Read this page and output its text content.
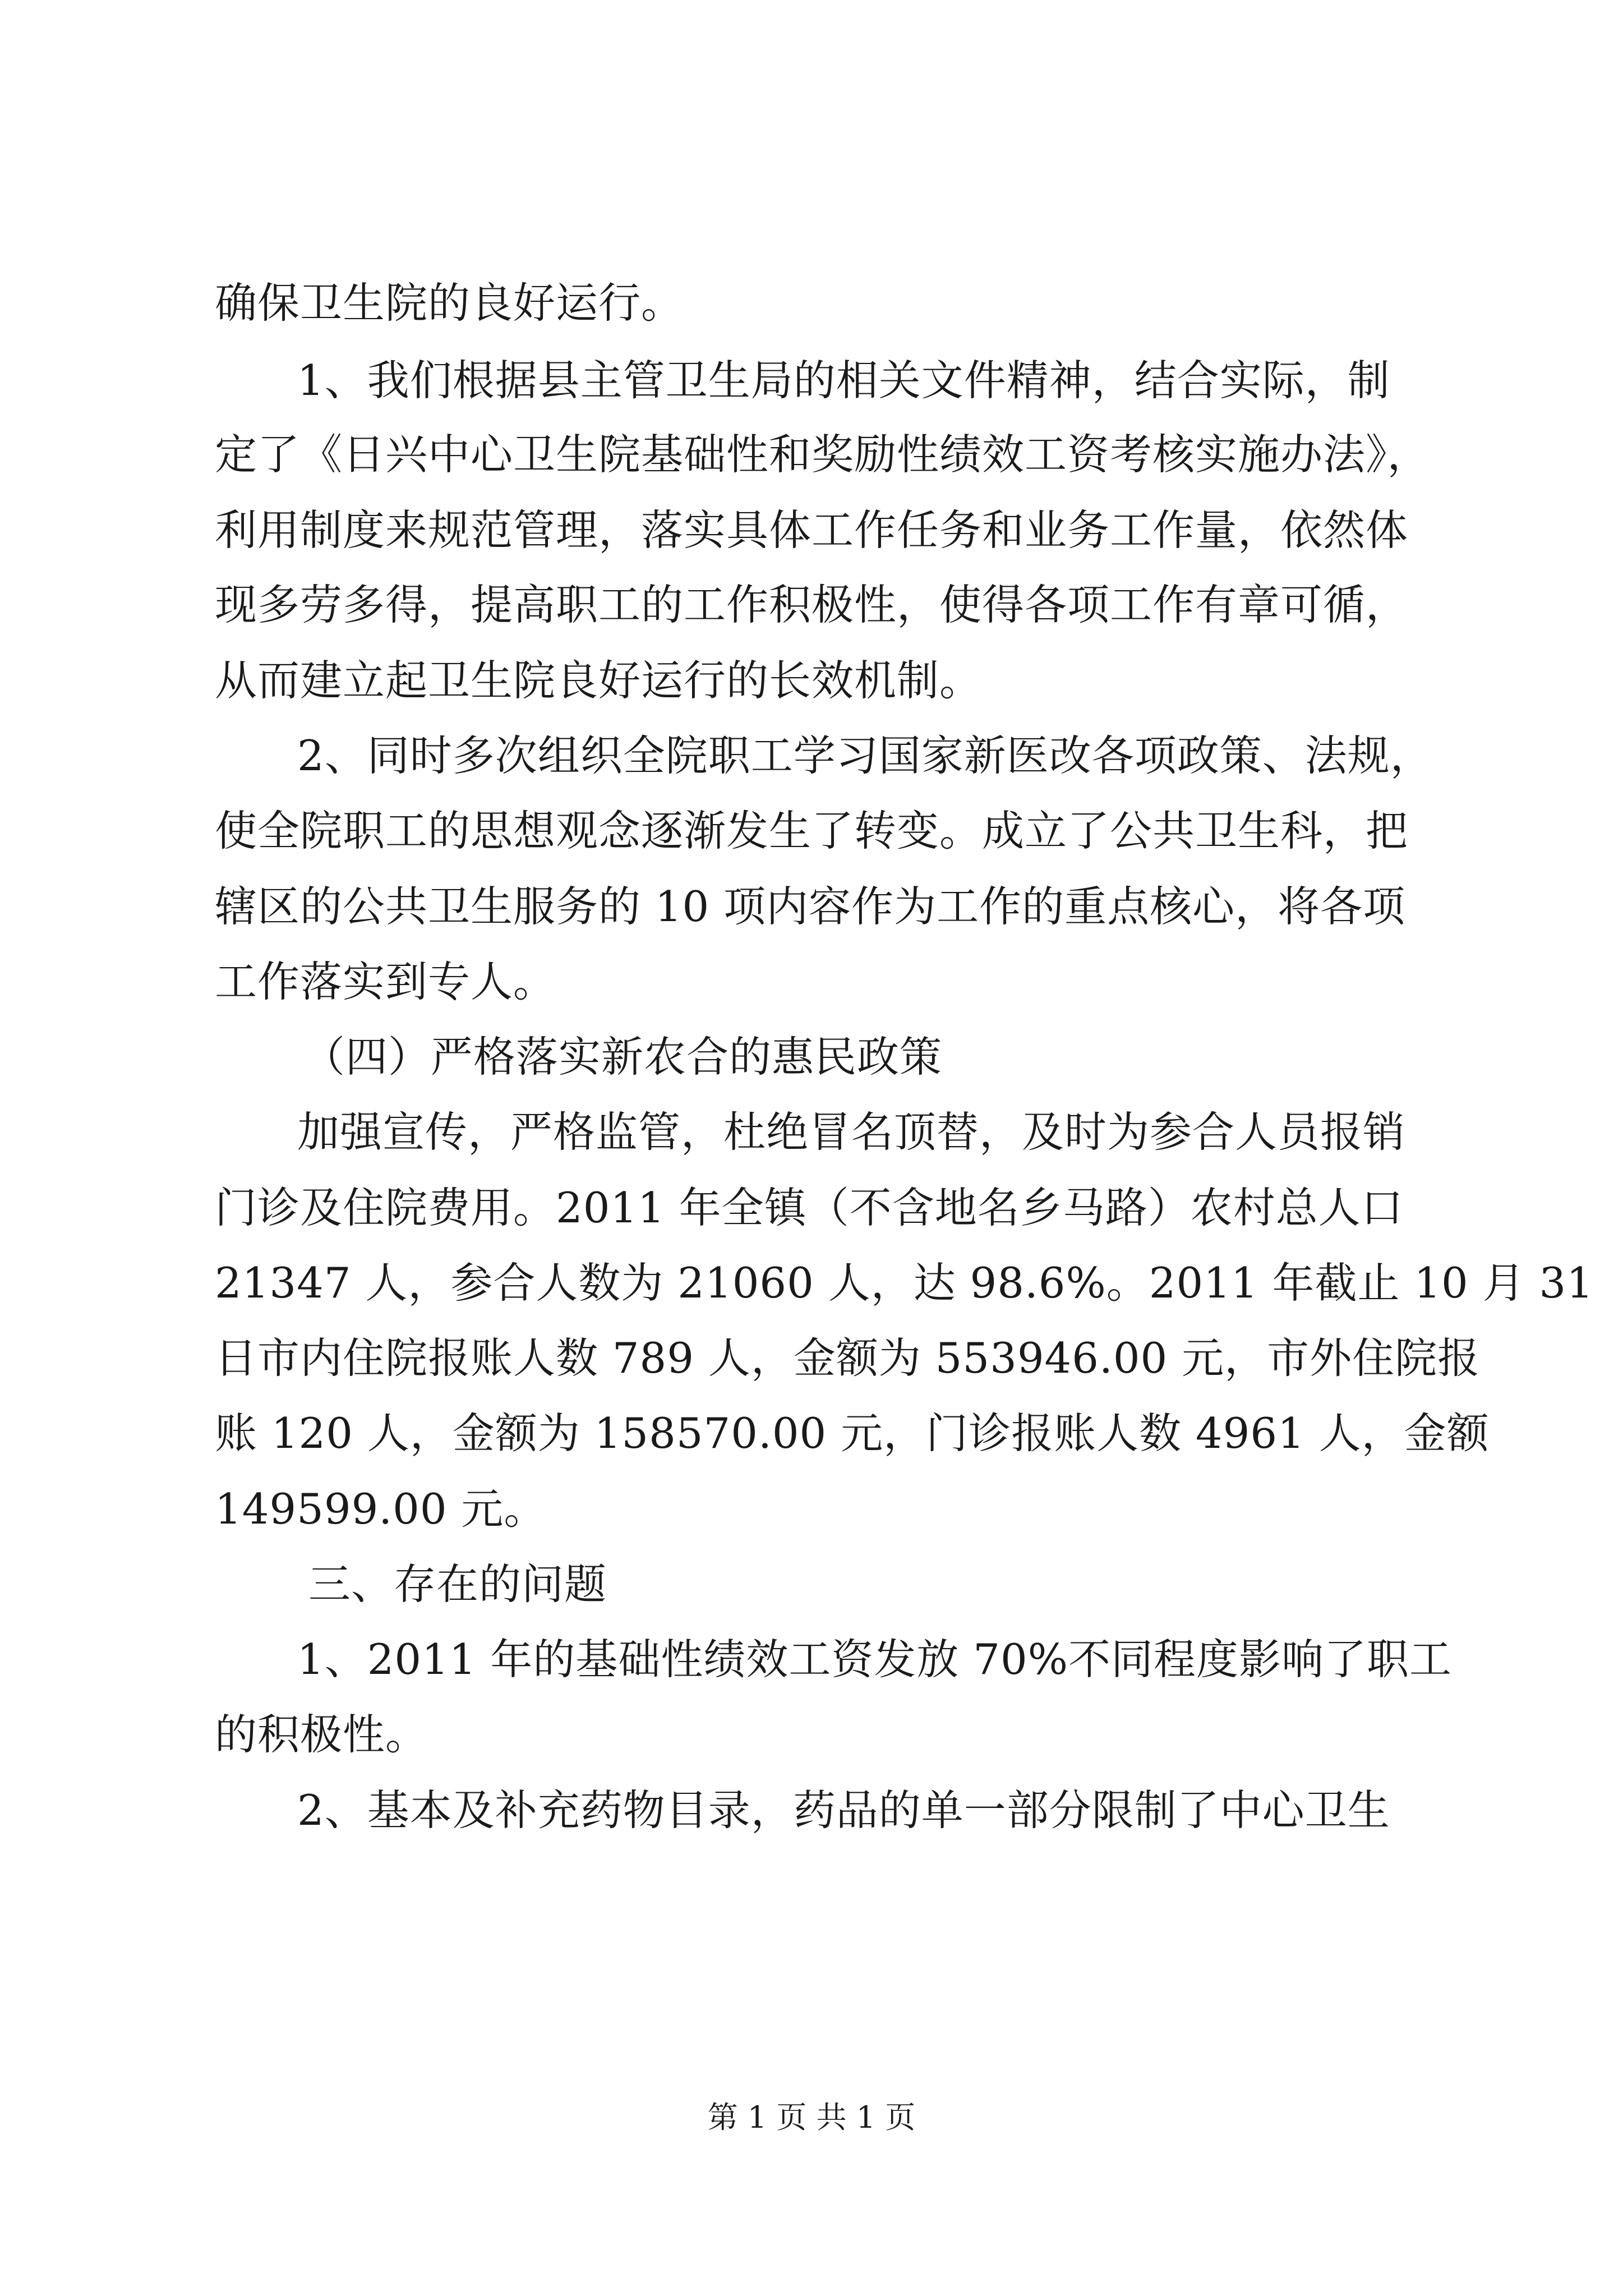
确保卫生院的良好运行。
1、我们根据县主管卫生局的相关文件精神，结合实际，制
定了《日兴中心卫生院基础性和奖励性绩效工资考核实施办法》，
利用制度来规范管理，落实具体工作任务和业务工作量，依然体
现多劳多得，提高职工的工作积极性，使得各项工作有章可循，
从而建立起卫生院良好运行的长效机制。
2、同时多次组织全院职工学习国家新医改各项政策、法规，
使全院职工的思想观念逐渐发生了转变。成立了公共卫生科，把
辖区的公共卫生服务的 10 项内容作为工作的重点核心，将各项
工作落实到专人。
（四）严格落实新农合的惠民政策
加强宣传，严格监管，杜绝冒名顶替，及时为参合人员报销
门诊及住院费用。2011 年全镇（不含地名乡马路）农村总人口
21347 人，参合人数为 21060 人，达 98.6%。2011 年截止 10 月 31
日市内住院报账人数 789 人，金额为 553946.00 元，市外住院报
账 120 人，金额为 158570.00 元，门诊报账人数 4961 人，金额
149599.00 元。
三、存在的问题
1、2011 年的基础性绩效工资发放 70%不同程度影响了职工
的积极性。
2、基本及补充药物目录，药品的单一部分限制了中心卫生
第 1 页 共 1 页
